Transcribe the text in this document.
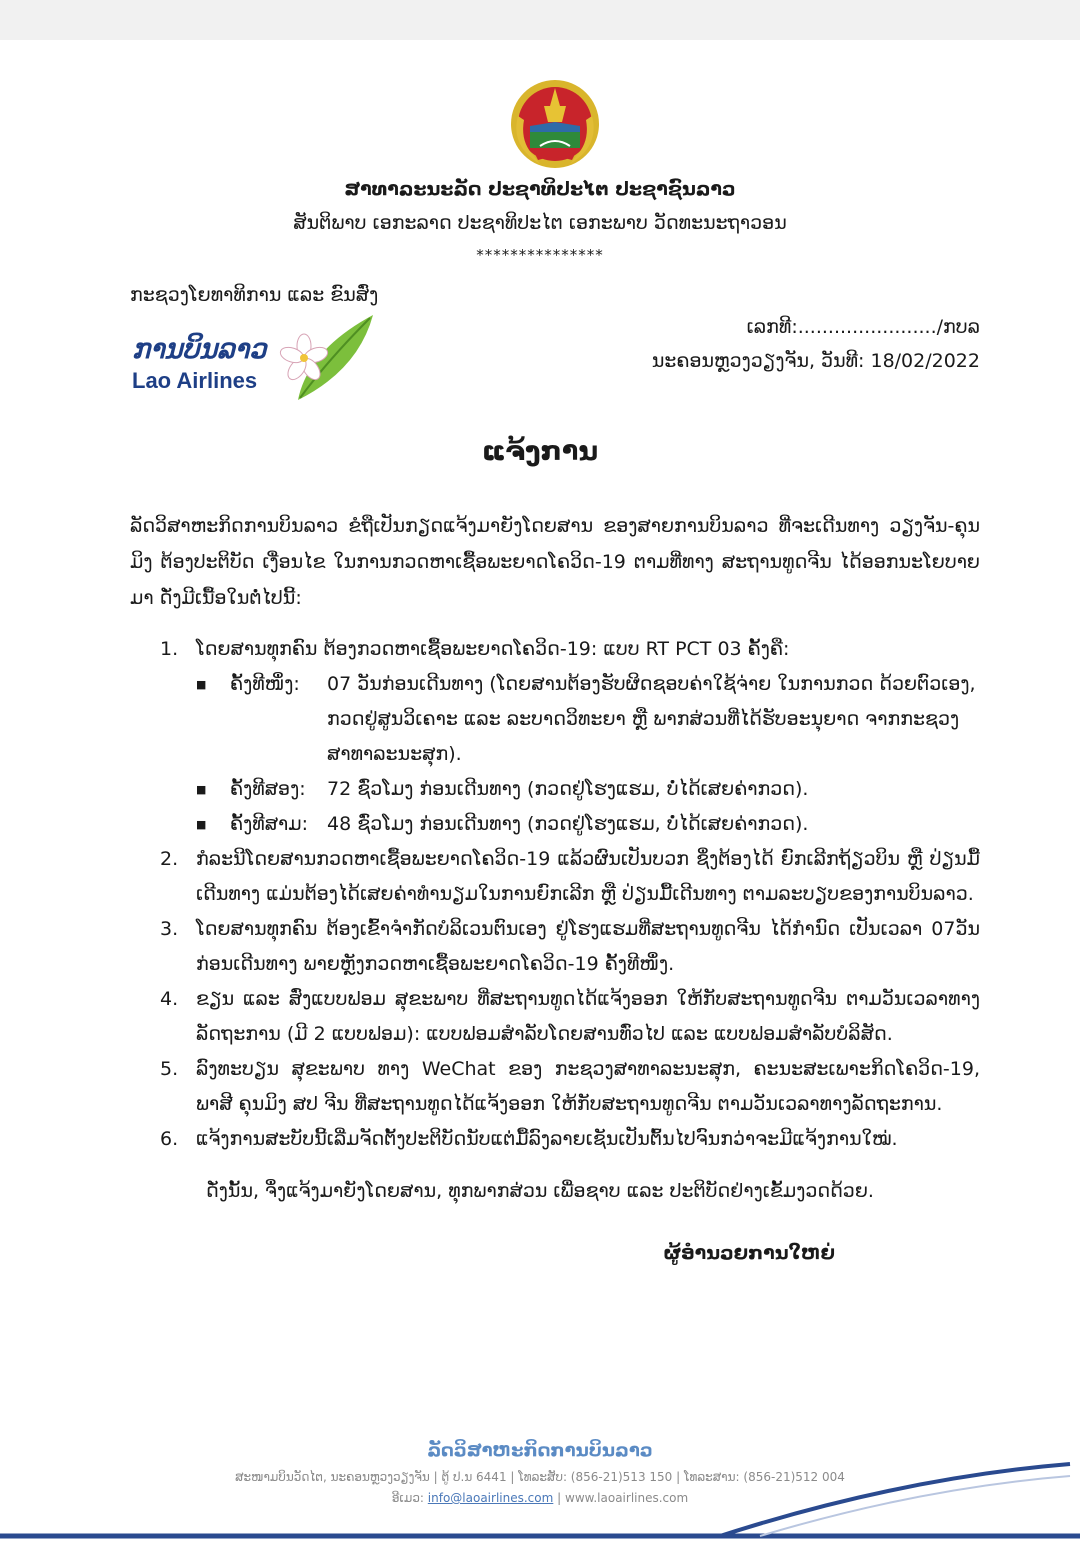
ສາທາລະນະລັດ ປະຊາທິປະໄຕ ປະຊາຊົນລາວ
ສັນຕິພາບ ເອກະລາດ ປະຊາທິປະໄຕ ເອກະພາບ ວັດທະນະຖາວອນ
***************
ກະຊວງໂຍທາທິການ ແລະ ຂົນສົ່ງ
ການບິນລາວ
Lao Airlines
ເລກທີ:......................./ກບລ
ນະຄອນຫຼວງວຽງຈັນ, ວັນທີ: 18/02/2022
ແຈ້ງການ
ລັດວິສາຫະກິດການບິນລາວ ຂໍຖືເປັນກຽດແຈ້ງມາຍັງໂດຍສານ ຂອງສາຍການບິນລາວ ທີ່ຈະເດີນທາງ ວຽງຈັນ-ຄຸນມິງ ຕ້ອງປະຕິບັດ ເງື່ອນໄຂ ໃນການກວດຫາເຊື້ອພະຍາດໂຄວິດ-19 ຕາມທີ່ທາງ ສະຖານທູດຈີນ ໄດ້ອອກນະໂຍບາຍມາ ດັ່ງມີເນື້ອໃນຕໍ່ໄປນີ້:
1. ໂດຍສານທຸກຄົນ ຕ້ອງກວດຫາເຊື້ອພະຍາດໂຄວິດ-19: ແບບ RT PCT 03 ຄັ້ງຄື:
■	ຄັ້ງທີໜຶ່ງ:	07 ວັນກ່ອນເດີນທາງ (ໂດຍສານຕ້ອງຮັບຜິດຊອບຄ່າໃຊ້ຈ່າຍ ໃນການກວດ ດ້ວຍຕົວເອງ, ກວດຢູ່ສູນວິເຄາະ ແລະ ລະບາດວິທະຍາ ຫຼື ພາກສ່ວນທີ່ໄດ້ຮັບອະນຸຍາດ ຈາກກະຊວງສາທາລະນະສຸກ).
■	ຄັ້ງທີສອງ:	72 ຊົ່ວໂມງ ກ່ອນເດີນທາງ (ກວດຢູ່ໂຮງແຮມ, ບໍ່ໄດ້ເສຍຄ່າກວດ).
■	ຄັ້ງທີສາມ: 48 ຊົ່ວໂມງ ກ່ອນເດີນທາງ (ກວດຢູ່ໂຮງແຮມ, ບໍ່ໄດ້ເສຍຄ່າກວດ).
2. ກໍລະນີໂດຍສານກວດຫາເຊື້ອພະຍາດໂຄວິດ-19 ແລ້ວຜົນເປັນບວກ ຊຶ່ງຕ້ອງໄດ້ ຍົກເລີກຖ້ຽວບິນ ຫຼື ປ່ຽນມື້ເດີນທາງ ແມ່ນຕ້ອງໄດ້ເສຍຄ່າທຳນຽມໃນການຍົກເລີກ ຫຼື ປ່ຽນມື້ເດີນທາງ ຕາມລະບຽບຂອງການບິນລາວ.
3. ໂດຍສານທຸກຄົນ ຕ້ອງເຂົ້າຈຳກັດບໍລິເວນຕົນເອງ ຢູ່ໂຮງແຮມທີ່ສະຖານທູດຈີນ ໄດ້ກຳນົດ ເປັນເວລາ 07ວັນ ກ່ອນເດີນທາງ ພາຍຫຼັງກວດຫາເຊື້ອພະຍາດໂຄວິດ-19 ຄັ້ງທີໜຶ່ງ.
4. ຂຽນ ແລະ ສົ່ງແບບຟອມ ສຸຂະພາບ ທີ່ສະຖານທູດໄດ້ແຈ້ງອອກ ໃຫ້ກັບສະຖານທູດຈີນ ຕາມວັນເວລາທາງລັດຖະການ (ມີ 2 ແບບຟອມ): ແບບຟອມສຳລັບໂດຍສານທົ່ວໄປ ແລະ ແບບຟອມສຳລັບບໍລິສັດ.
5. ລົງທະບຽນ ສຸຂະພາບ ທາງ WeChat ຂອງ ກະຊວງສາທາລະນະສຸກ, ຄະນະສະເພາະກິດໂຄວິດ-19, ພາສີ ຄຸນມິງ ສປ ຈີນ ທີ່ສະຖານທູດໄດ້ແຈ້ງອອກ ໃຫ້ກັບສະຖານທູດຈີນ ຕາມວັນເວລາທາງລັດຖະການ.
6. ແຈ້ງການສະບັບນີ້ເລີ່ມຈັດຕັ້ງປະຕິບັດນັບແຕ່ມື້ລົງລາຍເຊັນເປັນຕົ້ນໄປຈົນກວ່າຈະມີແຈ້ງການໃໝ່.
ດັ່ງນັ້ນ, ຈຶ່ງແຈ້ງມາຍັງໂດຍສານ, ທຸກພາກສ່ວນ ເພື່ອຊາບ ແລະ ປະຕິບັດຢ່າງເຂັ້ມງວດດ້ວຍ.
ຜູ້ອຳນວຍການໃຫຍ່
ລັດວິສາຫະກິດການບິນລາວ
ສະໜາມບິນວັດໄຕ, ນະຄອນຫຼວງວຽງຈັນ | ຕູ້ ປ.ນ 6441 | ໂທລະສັບ: (856-21)513 150 | ໂທລະສານ: (856-21)512 004
ອີເມວ: info@laoairlines.com | www.laoairlines.com
